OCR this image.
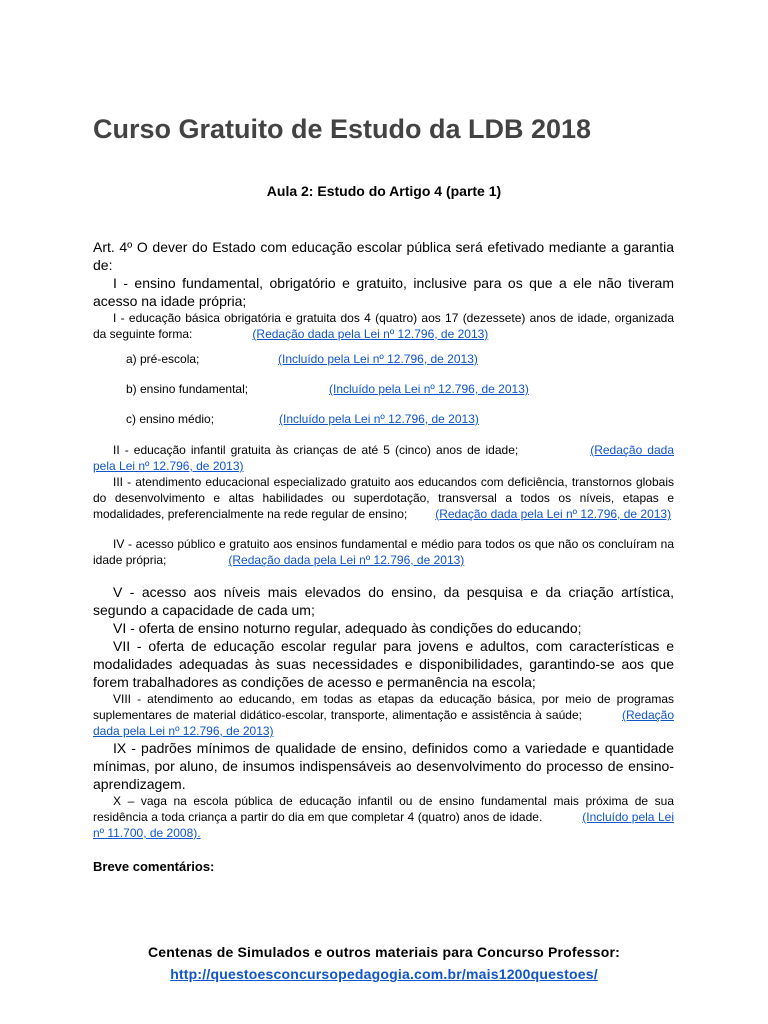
Curso Gratuito de Estudo da LDB 2018
Aula 2: Estudo do Artigo 4 (parte 1)

Art. 4º O dever do Estado com educação escolar pública será efetivado mediante a garantia de:

I - ensino fundamental, obrigatório e gratuito, inclusive para os que a ele não tiveram acesso na idade própria;

I - educação básica obrigatória e gratuita dos 4 (quatro) aos 17 (dezessete) anos de idade, organizada da seguinte forma:	(Redação dada pela Lei nº 12.796, de 2013)

a) pré-escola;	(Incluído pela Lei nº 12.796, de 2013)

b) ensino fundamental;	(Incluído pela Lei nº 12.796, de 2013)

c) ensino médio;	(Incluído pela Lei nº 12.796, de 2013)

II - educação infantil gratuita às crianças de até 5 (cinco) anos de idade;	(Redação dada pela Lei nº 12.796, de 2013)

III - atendimento educacional especializado gratuito aos educandos com deficiência, transtornos globais do desenvolvimento e altas habilidades ou superdotação, transversal a todos os níveis, etapas e modalidades, preferencialmente na rede regular de ensino; (Redação dada pela Lei nº 12.796, de 2013)

IV - acesso público e gratuito aos ensinos fundamental e médio para todos os que não os concluíram na idade própria;	(Redação dada pela Lei nº 12.796, de 2013)

V - acesso aos níveis mais elevados do ensino, da pesquisa e da criação artística, segundo a capacidade de cada um;

VI - oferta de ensino noturno regular, adequado às condições do educando;

VII - oferta de educação escolar regular para jovens e adultos, com características e modalidades adequadas às suas necessidades e disponibilidades, garantindo-se aos que forem trabalhadores as condições de acesso e permanência na escola;

VIII - atendimento ao educando, em todas as etapas da educação básica, por meio de programas suplementares de material didático-escolar, transporte, alimentação e assistência à saúde;	(Redação dada pela Lei nº 12.796, de 2013)

IX - padrões mínimos de qualidade de ensino, definidos como a variedade e quantidade mínimas, por aluno, de insumos indispensáveis ao desenvolvimento do processo de ensino-aprendizagem.

X – vaga na escola pública de educação infantil ou de ensino fundamental mais próxima de sua residência a toda criança a partir do dia em que completar 4 (quatro) anos de idade.	(Incluído pela Lei nº 11.700, de 2008).

Breve comentários:

Centenas de Simulados e outros materiais para Concurso Professor:
http://questoesconcursopedagogia.com.br/mais1200questoes/
